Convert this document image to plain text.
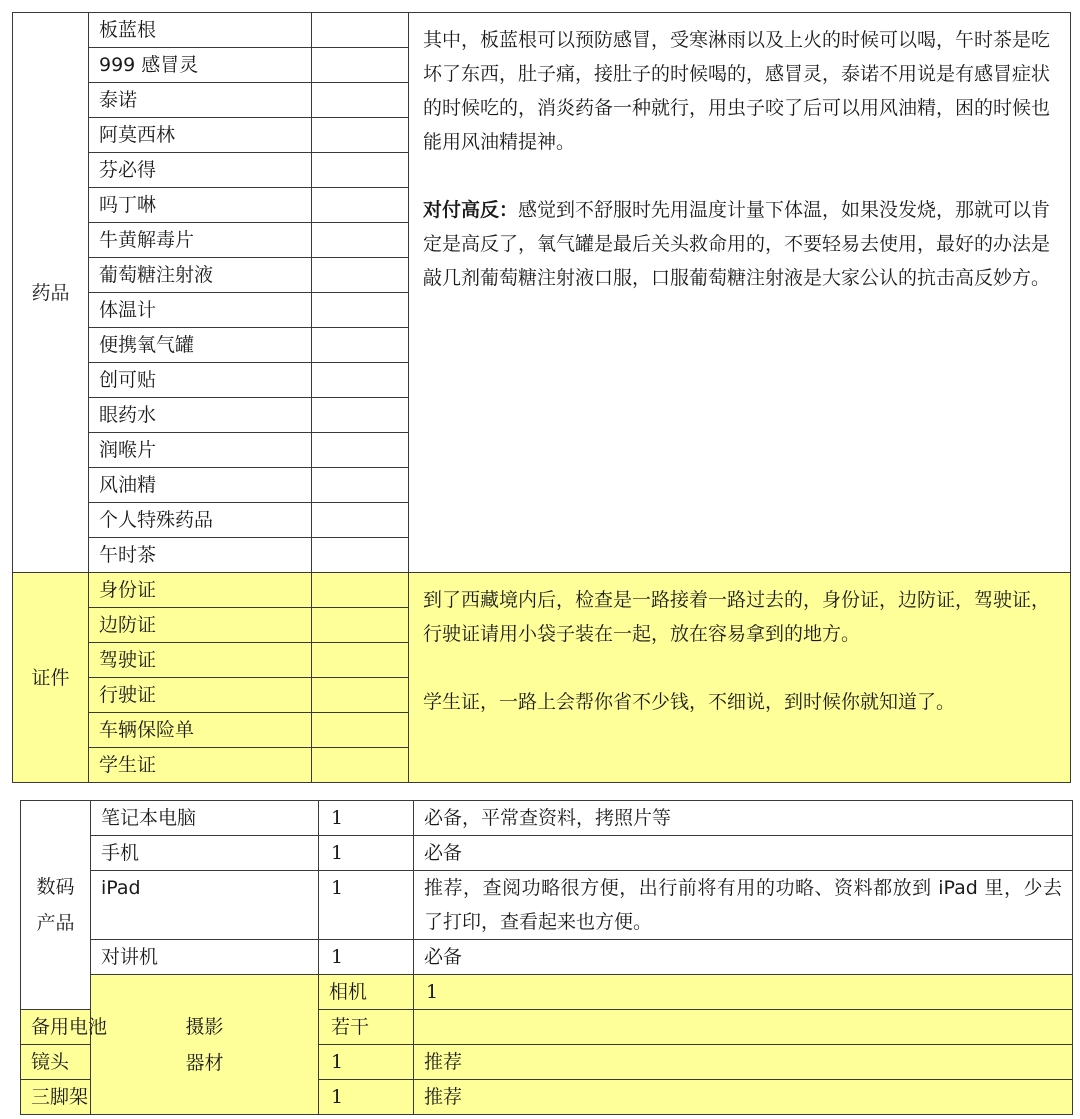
药品	板蓝根		其中，板蓝根可以预防感冒，受寒淋雨以及上火的时候可以喝，午时茶是吃坏了东西，肚子痛，接肚子的时候喝的，感冒灵，泰诺不用说是有感冒症状的时候吃的，消炎药备一种就行，用虫子咬了后可以用风油精，困的时候也能用风油精提神。

对付高反：感觉到不舒服时先用温度计量下体温，如果没发烧，那就可以肯定是高反了，氧气罐是最后关头救命用的，不要轻易去使用，最好的办法是敲几剂葡萄糖注射液口服，口服葡萄糖注射液是大家公认的抗击高反妙方。

	999 感冒灵		
	泰诺		
	阿莫西林		
	芬必得		
	吗丁啉		
	牛黄解毒片		
	葡萄糖注射液		
	体温计		
	便携氧气罐		
	创可贴		
	眼药水		
	润喉片		
	风油精		
	个人特殊药品		
	午时茶		
证件	身份证		到了西藏境内后，检查是一路接着一路过去的，身份证，边防证，驾驶证，行驶证请用小袋子装在一起，放在容易拿到的地方。

学生证，一路上会帮你省不少钱，不细说，到时候你就知道了。

	边防证		
	驾驶证		
	行驶证		
	车辆保险单		
	学生证		
数码产品	笔记本电脑	1	必备，平常查资料，拷照片等	
	手机	1	必备	
	iPad	1	推荐，查阅功略很方便，出行前将有用的功略、资料都放到 iPad 里，少去了打印，查看起来也方便。	
	对讲机	1	必备	
	摄影器材	相机	1	
备用电池		若干		
镜头		1	推荐	
三脚架		1	推荐	
